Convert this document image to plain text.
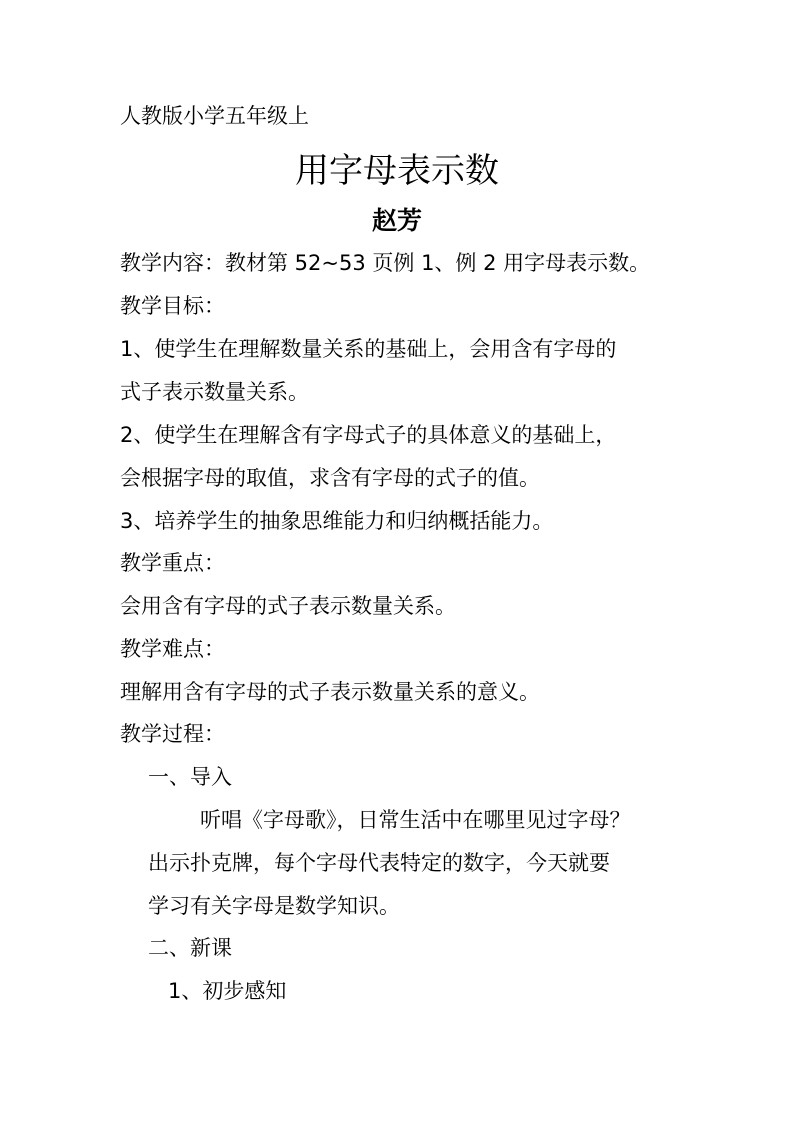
人教版小学五年级上
用字母表示数
赵芳
教学内容：教材第 52~53 页例 1、例 2 用字母表示数。
教学目标：
1、使学生在理解数量关系的基础上，会用含有字母的
式子表示数量关系。
2、使学生在理解含有字母式子的具体意义的基础上，
会根据字母的取值，求含有字母的式子的值。
3、培养学生的抽象思维能力和归纳概括能力。
教学重点：
会用含有字母的式子表示数量关系。
教学难点：
理解用含有字母的式子表示数量关系的意义。
教学过程：
一、导入
听唱《字母歌》，日常生活中在哪里见过字母？
出示扑克牌，每个字母代表特定的数字，今天就要
学习有关字母是数学知识。
二、新课
1、初步感知
